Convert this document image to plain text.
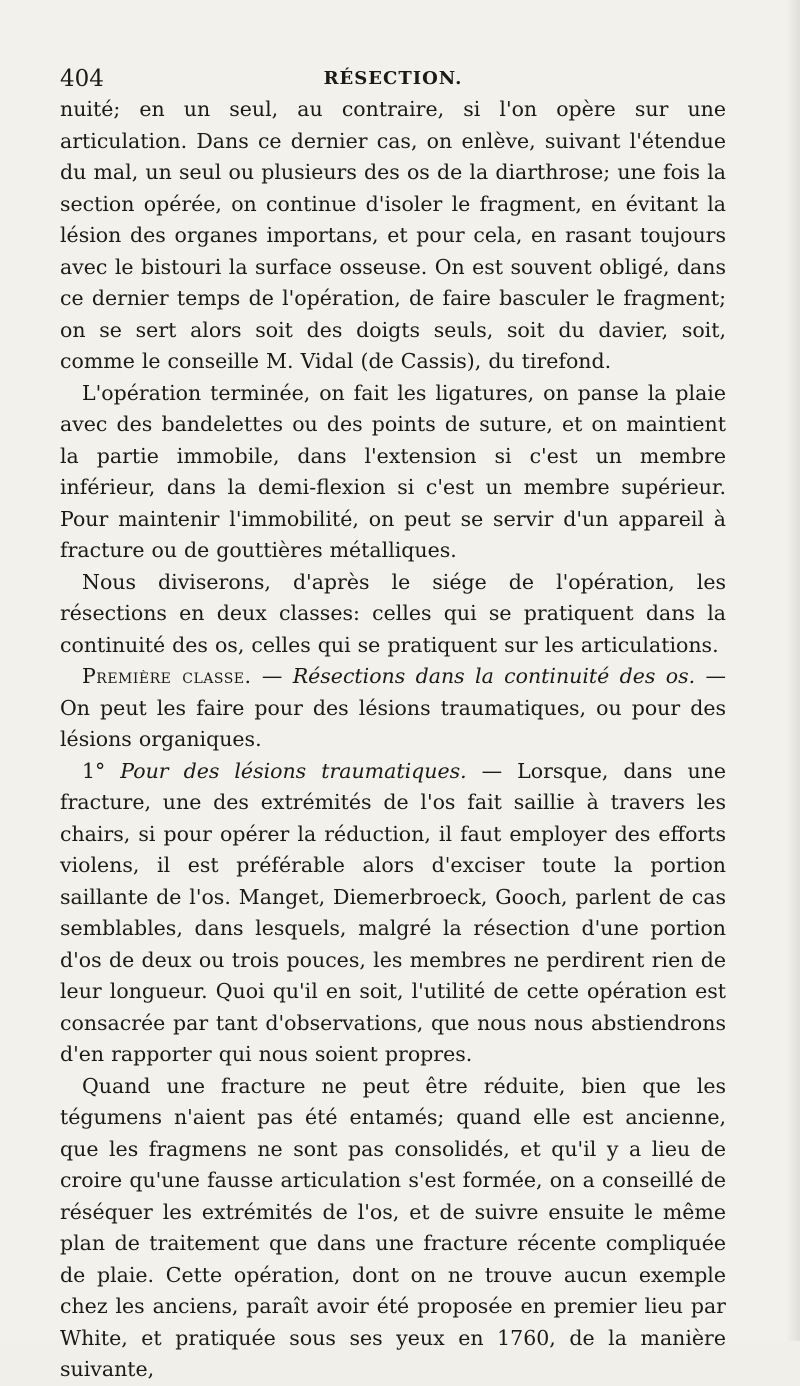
404	RÉSECTION.

nuité; en un seul, au contraire, si l'on opère sur une articulation. Dans ce dernier cas, on enlève, suivant l'étendue du mal, un seul ou plusieurs des os de la diarthrose; une fois la section opérée, on continue d'isoler le fragment, en évitant la lésion des organes importans, et pour cela, en rasant toujours avec le bistouri la surface osseuse. On est souvent obligé, dans ce dernier temps de l'opération, de faire basculer le fragment; on se sert alors soit des doigts seuls, soit du davier, soit, comme le conseille M. Vidal (de Cassis), du tirefond.

L'opération terminée, on fait les ligatures, on panse la plaie avec des bandelettes ou des points de suture, et on maintient la partie immobile, dans l'extension si c'est un membre inférieur, dans la demi-flexion si c'est un membre supérieur. Pour maintenir l'immobilité, on peut se servir d'un appareil à fracture ou de gouttières métalliques.

Nous diviserons, d'après le siége de l'opération, les résections en deux classes: celles qui se pratiquent dans la continuité des os, celles qui se pratiquent sur les articulations.

Première classe. — Résections dans la continuité des os. — On peut les faire pour des lésions traumatiques, ou pour des lésions organiques.

1° Pour des lésions traumatiques. — Lorsque, dans une fracture, une des extrémités de l'os fait saillie à travers les chairs, si pour opérer la réduction, il faut employer des efforts violens, il est préférable alors d'exciser toute la portion saillante de l'os. Manget, Diemerbroeck, Gooch, parlent de cas semblables, dans lesquels, malgré la résection d'une portion d'os de deux ou trois pouces, les membres ne perdirent rien de leur longueur. Quoi qu'il en soit, l'utilité de cette opération est consacrée par tant d'observations, que nous nous abstiendrons d'en rapporter qui nous soient propres.

Quand une fracture ne peut être réduite, bien que les tégumens n'aient pas été entamés; quand elle est ancienne, que les fragmens ne sont pas consolidés, et qu'il y a lieu de croire qu'une fausse articulation s'est formée, on a conseillé de réséquer les extrémités de l'os, et de suivre ensuite le même plan de traitement que dans une fracture récente compliquée de plaie. Cette opération, dont on ne trouve aucun exemple chez les anciens, paraît avoir été proposée en premier lieu par White, et pratiquée sous ses yeux en 1760, de la manière suivante,
